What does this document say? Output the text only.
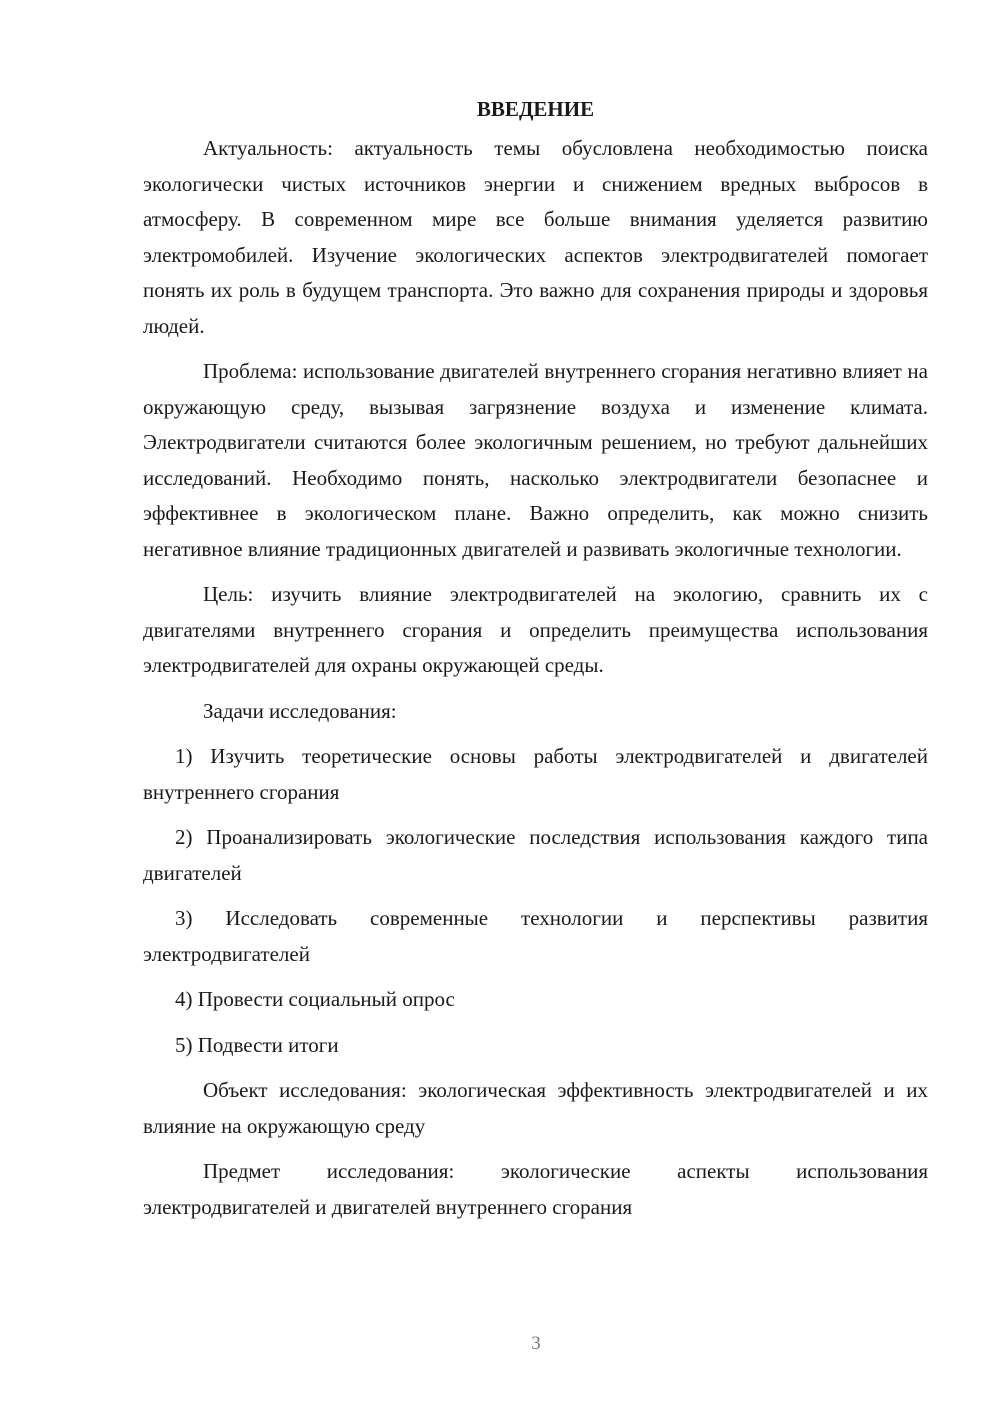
ВВЕДЕНИЕ

Актуальность: актуальность темы обусловлена необходимостью поиска экологически чистых источников энергии и снижением вредных выбросов в атмосферу. В современном мире все больше внимания уделяется развитию электромобилей. Изучение экологических аспектов электродвигателей помогает понять их роль в будущем транспорта. Это важно для сохранения природы и здоровья людей.

Проблема: использование двигателей внутреннего сгорания негативно влияет на окружающую среду, вызывая загрязнение воздуха и изменение климата. Электродвигатели считаются более экологичным решением, но требуют дальнейших исследований. Необходимо понять, насколько электродвигатели безопаснее и эффективнее в экологическом плане. Важно определить, как можно снизить негативное влияние традиционных двигателей и развивать экологичные технологии.

Цель: изучить влияние электродвигателей на экологию, сравнить их с двигателями внутреннего сгорания и определить преимущества использования электродвигателей для охраны окружающей среды.

Задачи исследования:

1) Изучить теоретические основы работы электродвигателей и двигателей внутреннего сгорания

2) Проанализировать экологические последствия использования каждого типа двигателей

3) Исследовать современные технологии и перспективы развития электродвигателей

4) Провести социальный опрос

5) Подвести итоги

Объект исследования: экологическая эффективность электродвигателей и их влияние на окружающую среду

Предмет исследования: экологические аспекты использования электродвигателей и двигателей внутреннего сгорания

3
